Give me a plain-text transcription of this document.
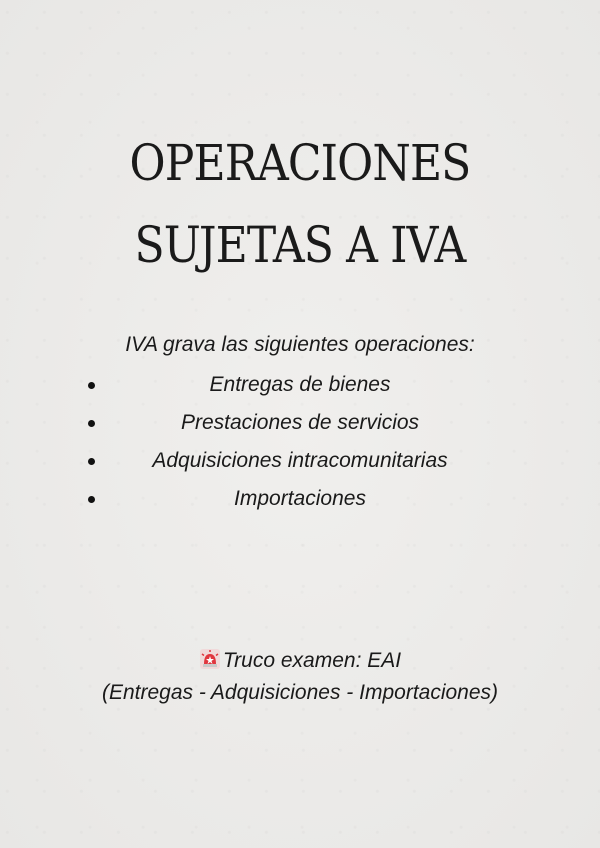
OPERACIONES
SUJETAS A IVA
IVA grava las siguientes operaciones:
Entregas de bienes
Prestaciones de servicios
Adquisiciones intracomunitarias
Importaciones
Truco examen: EAI
(Entregas - Adquisiciones - Importaciones)
